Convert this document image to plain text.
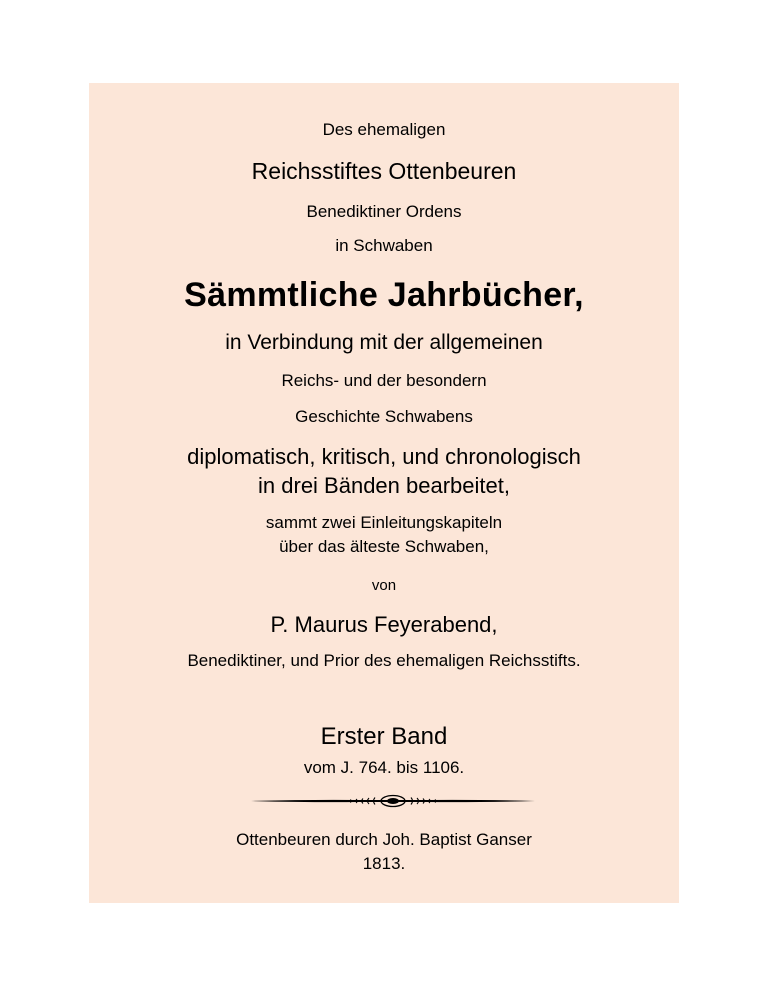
Des ehemaligen
Reichsstiftes Ottenbeuren
Benediktiner Ordens
in Schwaben
Sämmtliche Jahrbücher,
in Verbindung mit der allgemeinen
Reichs- und der besondern
Geschichte Schwabens
diplomatisch, kritisch, und chronologisch
in drei Bänden bearbeitet,
sammt zwei Einleitungskapiteln
über das älteste Schwaben,
von
P. Maurus Feyerabend,
Benediktiner, und Prior des ehemaligen Reichsstifts.
Erster Band
vom J. 764. bis 1106.
Ottenbeuren durch Joh. Baptist Ganser
1813.
